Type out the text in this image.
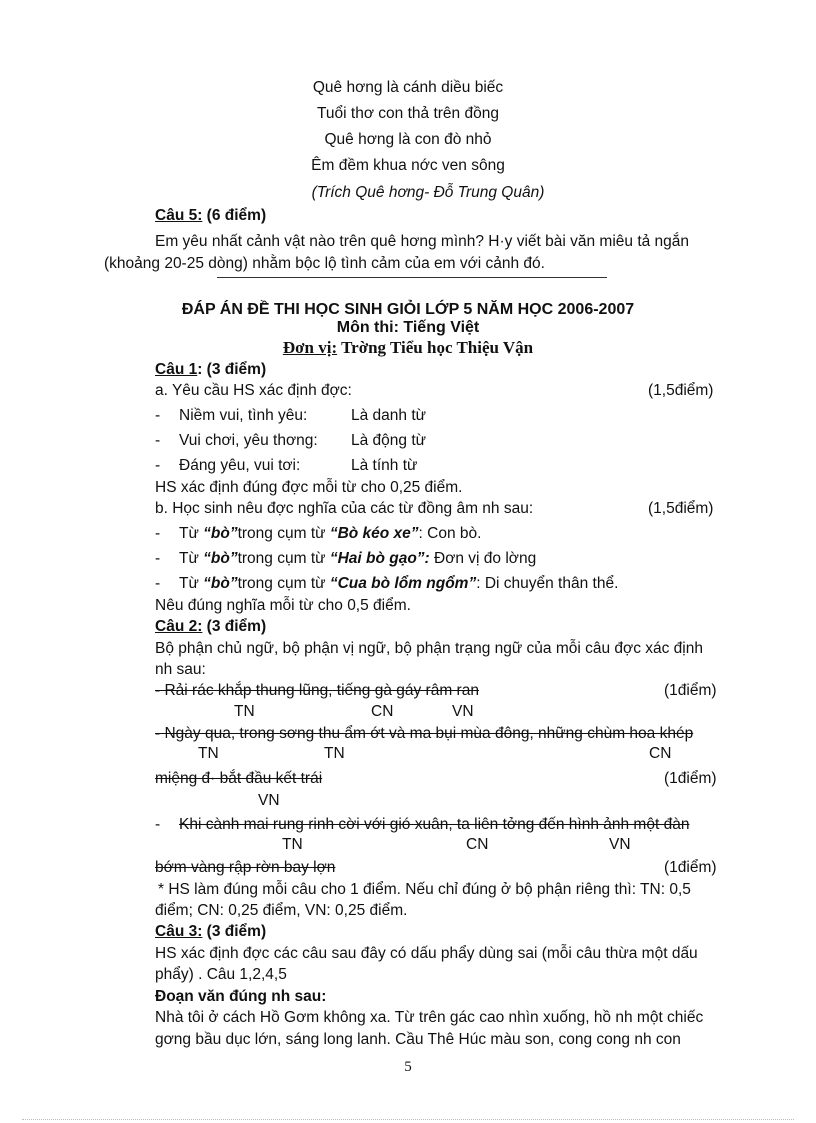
Quê hơng là cánh diều biếc
Tuổi thơ con thả trên đồng
Quê hơng là con đò nhỏ
Êm đềm khua nớc ven sông
(Trích Quê hơng- Đỗ Trung Quân)
Câu 5: (6 điểm)
Em yêu nhất cảnh vật nào trên quê hơng mình? H·y viết bài văn miêu tả ngắn
(khoảng 20-25 dòng) nhằm bộc lộ tình cảm của em với cảnh đó.
ĐÁP ÁN ĐỀ THI HỌC SINH GIỎI LỚP 5 NĂM HỌC 2006-2007
Môn thi: Tiếng Việt
Đơn vị: Trờng Tiểu học Thiệu Vận
Câu 1: (3 điểm)
a. Yêu cầu HS xác định đợc:	(1,5điểm)
- Niềm vui, tình yêu:	Là danh từ
- Vui chơi, yêu thơng: Là động từ
- Đáng yêu, vui tơi:	Là tính từ
HS xác định đúng đợc mỗi từ cho 0,25 điểm.
b. Học sinh nêu đợc nghĩa của các từ đồng âm nh sau:	(1,5điểm)
- Từ “bò”trong cụm từ “Bò kéo xe”: Con bò.
- Từ “bò”trong cụm từ “Hai bò gạo”: Đơn vị đo lờng
- Từ “bò”trong cụm từ “Cua bò lổm ngổm”: Di chuyển thân thể.
Nêu đúng nghĩa mỗi từ cho 0,5 điểm.
Câu 2: (3 điểm)
Bộ phận chủ ngữ, bộ phận vị ngữ, bộ phận trạng ngữ của mỗi câu đợc xác định
nh sau:
- Rải rác khắp thung lũng, tiếng gà gáy râm ran	(1điểm)
TN	CN	VN
- Ngày qua, trong sơng thu ẩm ớt và ma bụi mùa đông, những chùm hoa khép
TN	TN	CN
miệng đ· bắt đầu kết trái	(1điểm)
VN
- Khi cành mai rung rinh cời với gió xuân, ta liên tởng đến hình ảnh một đàn
TN	CN	VN
bớm vàng rập rờn bay lợn	(1điểm)
* HS làm đúng mỗi câu cho 1 điểm. Nếu chỉ đúng ở bộ phận riêng thì: TN: 0,5
điểm; CN: 0,25 điểm, VN: 0,25 điểm.
Câu 3: (3 điểm)
HS xác định đợc các câu sau đây có dấu phẩy dùng sai (mỗi câu thừa một dấu
phẩy) . Câu 1,2,4,5
Đoạn văn đúng nh sau:
Nhà tôi ở cách Hồ Gơm không xa. Từ trên gác cao nhìn xuống, hồ nh một chiếc
gơng bầu dục lớn, sáng long lanh. Cầu Thê Húc màu son, cong cong nh con
5
